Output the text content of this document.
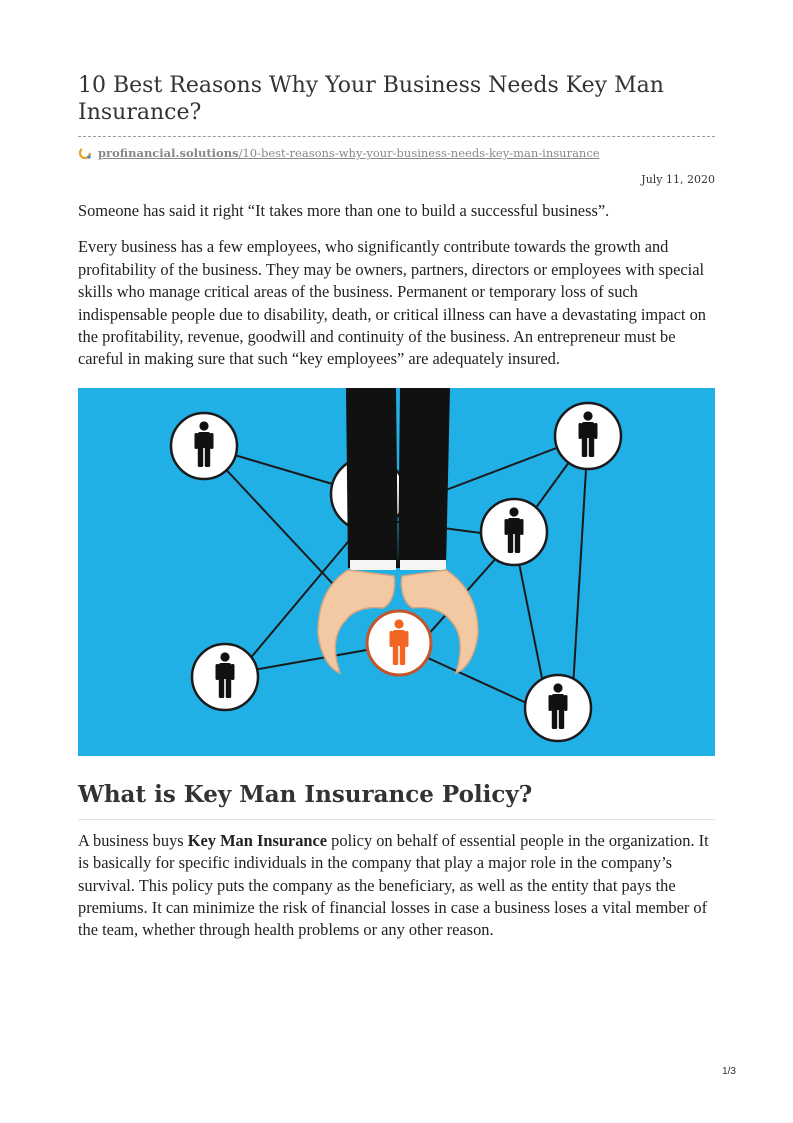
10 Best Reasons Why Your Business Needs Key Man Insurance?
profinancial.solutions/10-best-reasons-why-your-business-needs-key-man-insurance
July 11, 2020

Someone has said it right “It takes more than one to build a successful business”.

Every business has a few employees, who significantly contribute towards the growth and profitability of the business. They may be owners, partners, directors or employees with special skills who manage critical areas of the business. Permanent or temporary loss of such indispensable people due to disability, death, or critical illness can have a devastating impact on the profitability, revenue, goodwill and continuity of the business. An entrepreneur must be careful in making sure that such “key employees” are adequately insured.

What is Key Man Insurance Policy?

A business buys Key Man Insurance policy on behalf of essential people in the organization. It is basically for specific individuals in the company that play a major role in the company’s survival. This policy puts the company as the beneficiary, as well as the entity that pays the premiums. It can minimize the risk of financial losses in case a business loses a vital member of the team, whether through health problems or any other reason.

1/3
